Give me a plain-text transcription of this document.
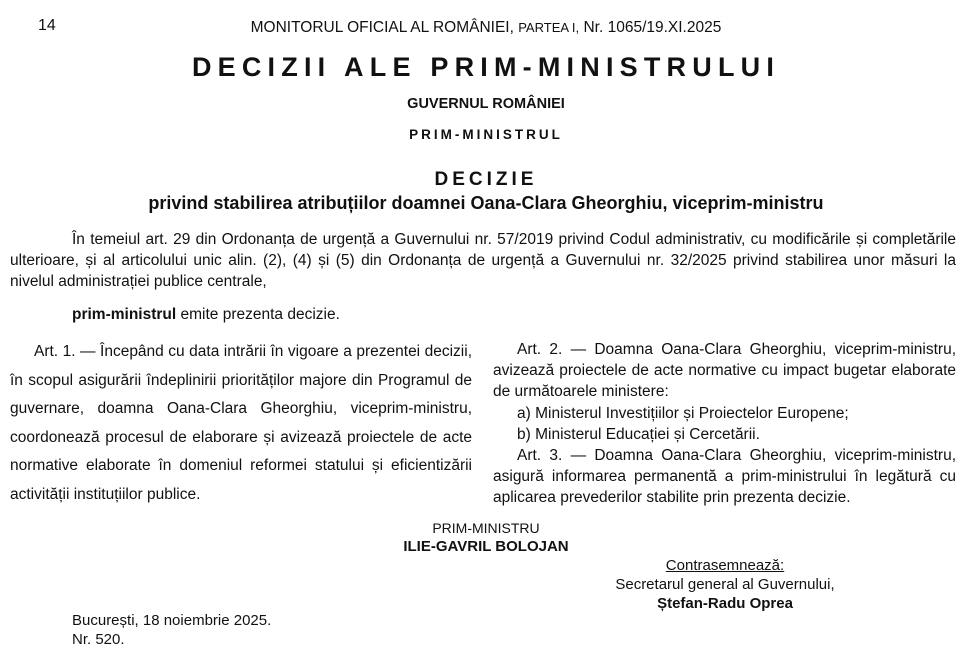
14	MONITORUL OFICIAL AL ROMÂNIEI, PARTEA I, Nr. 1065/19.XI.2025
DECIZII ALE PRIM-MINISTRULUI
GUVERNUL ROMÂNIEI
PRIM-MINISTRUL
DECIZIE
privind stabilirea atribuțiilor doamnei Oana-Clara Gheorghiu, viceprim-ministru
În temeiul art. 29 din Ordonanța de urgență a Guvernului nr. 57/2019 privind Codul administrativ, cu modificările și completările ulterioare, și al articolului unic alin. (2), (4) și (5) din Ordonanța de urgență a Guvernului nr. 32/2025 privind stabilirea unor măsuri la nivelul administrației publice centrale,
prim-ministrul emite prezenta decizie.
Art. 1. — Începând cu data intrării în vigoare a prezentei decizii, în scopul asigurării îndeplinirii priorităților majore din Programul de guvernare, doamna Oana-Clara Gheorghiu, viceprim-ministru, coordonează procesul de elaborare și avizează proiectele de acte normative elaborate în domeniul reformei statului și eficientizării activității instituțiilor publice.

Art. 2. — Doamna Oana-Clara Gheorghiu, viceprim-ministru, avizează proiectele de acte normative cu impact bugetar elaborate de următoarele ministere:

a) Ministerul Investițiilor și Proiectelor Europene;

b) Ministerul Educației și Cercetării.

Art. 3. — Doamna Oana-Clara Gheorghiu, viceprim-ministru, asigură informarea permanentă a prim-ministrului în legătură cu aplicarea prevederilor stabilite prin prezenta decizie.

PRIM-MINISTRU
ILIE-GAVRIL BOLOJAN
Contrasemnează:
Secretarul general al Guvernului,
Ștefan-Radu Oprea
București, 18 noiembrie 2025.
Nr. 520.
